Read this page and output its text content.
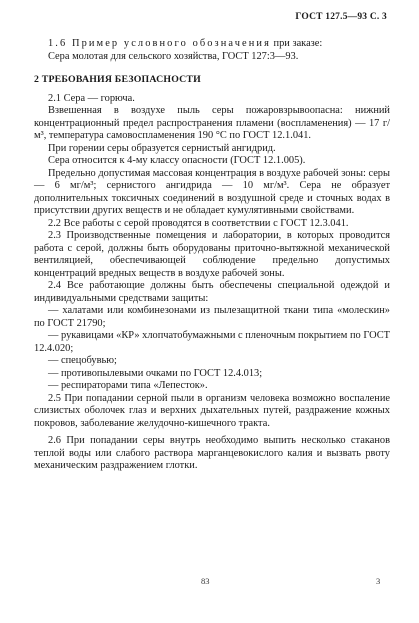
ГОСТ 127.5—93 С. 3

1.6 Пример условного обозначения при заказе:

Сера молотая для сельского хозяйства, ГОСТ 127:3—93.

2 ТРЕБОВАНИЯ БЕЗОПАСНОСТИ

2.1 Сера — горюча.

Взвешенная в воздухе пыль серы пожаровзрывоопасна: нижний концентрационный предел распространения пламени (воспламенения) — 17 г/м³, температура самовоспламенения 190 °С по ГОСТ 12.1.041.

При горении серы образуется сернистый ангидрид.

Сера относится к 4-му классу опасности (ГОСТ 12.1.005).

Предельно допустимая массовая концентрация в воздухе рабочей зоны: серы — 6 мг/м³; сернистого ангидрида — 10 мг/м³. Сера не образует дополнительных токсичных соединений в воздушной среде и сточных водах в присутствии других веществ и не обладает кумулятивными свойствами.

2.2 Все работы с серой проводятся в соответствии с ГОСТ 12.3.041.

2.3 Производственные помещения и лаборатории, в которых проводится работа с серой, должны быть оборудованы приточно-вытяжной механической вентиляцией, обеспечивающей соблюдение предельно допустимых концентраций вредных веществ в воздухе рабочей зоны.

2.4 Все работающие должны быть обеспечены специальной одеждой и индивидуальными средствами защиты:

— халатами или комбинезонами из пылезащитной ткани типа «молескин» по ГОСТ 21790;

— рукавицами «КР» хлопчатобумажными с пленочным покрытием по ГОСТ 12.4.020;

— спецобувью;

— противопылевыми очками по ГОСТ 12.4.013;

— респираторами типа «Лепесток».

2.5 При попадании серной пыли в организм человека возможно воспаление слизистых оболочек глаз и верхних дыхательных путей, раздражение кожных покровов, заболевание желудочно-кишечного тракта.

2.6 При попадании серы внутрь необходимо выпить несколько стаканов теплой воды или слабого раствора марганцевокислого калия и вызвать рвоту механическим раздражением глотки.

83	3
